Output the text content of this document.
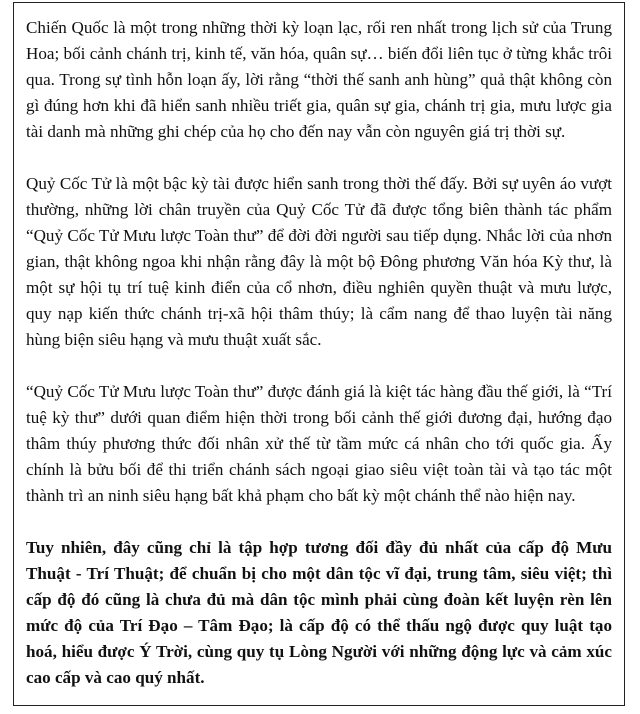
Chiến Quốc là một trong những thời kỳ loạn lạc, rối ren nhất trong lịch sử của Trung Hoa; bối cảnh chánh trị, kinh tế, văn hóa, quân sự… biến đổi liên tục ở từng khắc trôi qua. Trong sự tình hỗn loạn ấy, lời rằng “thời thế sanh anh hùng” quả thật không còn gì đúng hơn khi đã hiển sanh nhiều triết gia, quân sự gia, chánh trị gia, mưu lược gia tài danh mà những ghi chép của họ cho đến nay vẫn còn nguyên giá trị thời sự.

Quỷ Cốc Tử là một bậc kỳ tài được hiển sanh trong thời thế đấy. Bởi sự uyên áo vượt thường, những lời chân truyền của Quỷ Cốc Tử đã được tổng biên thành tác phẩm “Quỷ Cốc Tử Mưu lược Toàn thư” để đời đời người sau tiếp dụng. Nhắc lời của nhơn gian, thật không ngoa khi nhận rằng đây là một bộ Đông phương Văn hóa Kỳ thư, là một sự hội tụ trí tuệ kinh điển của cổ nhơn, điều nghiên quyền thuật và mưu lược, quy nạp kiến thức chánh trị-xã hội thâm thúy; là cẩm nang để thao luyện tài năng hùng biện siêu hạng và mưu thuật xuất sắc.

“Quỷ Cốc Tử Mưu lược Toàn thư” được đánh giá là kiệt tác hàng đầu thế giới, là “Trí tuệ kỳ thư” dưới quan điểm hiện thời trong bối cảnh thế giới đương đại, hướng đạo thâm thúy phương thức đối nhân xử thế từ tầm mức cá nhân cho tới quốc gia. Ấy chính là bửu bối để thi triển chánh sách ngoại giao siêu việt toàn tài và tạo tác một thành trì an ninh siêu hạng bất khả phạm cho bất kỳ một chánh thể nào hiện nay.

Tuy nhiên, đây cũng chỉ là tập hợp tương đối đầy đủ nhất của cấp độ Mưu Thuật - Trí Thuật; để chuẩn bị cho một dân tộc vĩ đại, trung tâm, siêu việt; thì cấp độ đó cũng là chưa đủ mà dân tộc mình phải cùng đoàn kết luyện rèn lên mức độ của Trí Đạo – Tâm Đạo; là cấp độ có thể thấu ngộ được quy luật tạo hoá, hiểu được Ý Trời, cùng quy tụ Lòng Người với những động lực và cảm xúc cao cấp và cao quý nhất.
